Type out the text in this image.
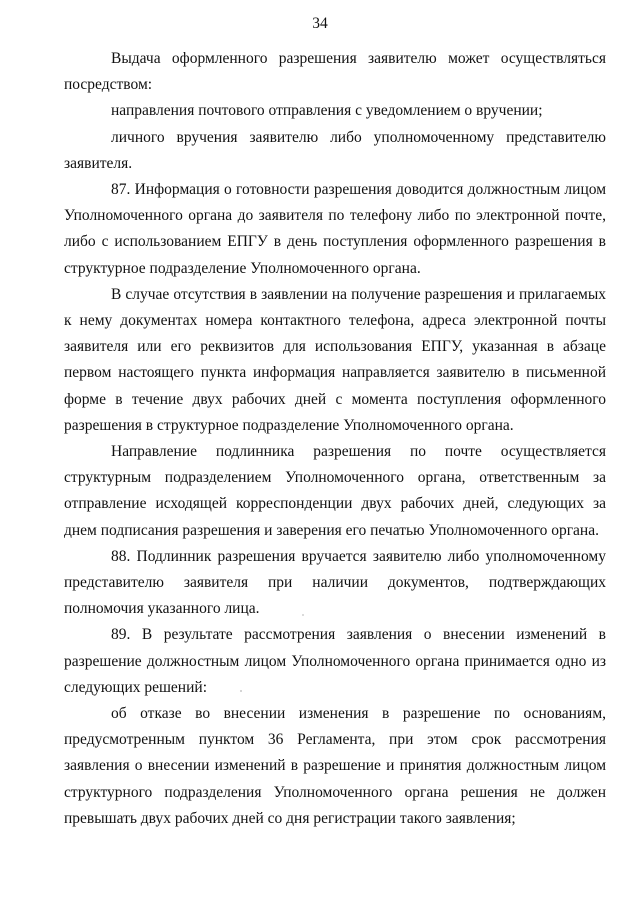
34

Выдача оформленного разрешения заявителю может осуществляться посредством:

направления почтового отправления с уведомлением о вручении;

личного вручения заявителю либо уполномоченному представителю заявителя.

87. Информация о готовности разрешения доводится должностным лицом Уполномоченного органа до заявителя по телефону либо по электронной почте, либо с использованием ЕПГУ в день поступления оформленного разрешения в структурное подразделение Уполномоченного органа.

В случае отсутствия в заявлении на получение разрешения и прилагаемых к нему документах номера контактного телефона, адреса электронной почты заявителя или его реквизитов для использования ЕПГУ, указанная в абзаце первом настоящего пункта информация направляется заявителю в письменной форме в течение двух рабочих дней с момента поступления оформленного разрешения в структурное подразделение Уполномоченного органа.

Направление подлинника разрешения по почте осуществляется структурным подразделением Уполномоченного органа, ответственным за отправление исходящей корреспонденции двух рабочих дней, следующих за днем подписания разрешения и заверения его печатью Уполномоченного органа.

88. Подлинник разрешения вручается заявителю либо уполномоченному представителю заявителя при наличии документов, подтверждающих полномочия указанного лица.

89. В результате рассмотрения заявления о внесении изменений в разрешение должностным лицом Уполномоченного органа принимается одно из следующих решений:

об отказе во внесении изменения в разрешение по основаниям, предусмотренным пунктом 36 Регламента, при этом срок рассмотрения заявления о внесении изменений в разрешение и принятия должностным лицом структурного подразделения Уполномоченного органа решения не должен превышать двух рабочих дней со дня регистрации такого заявления;
